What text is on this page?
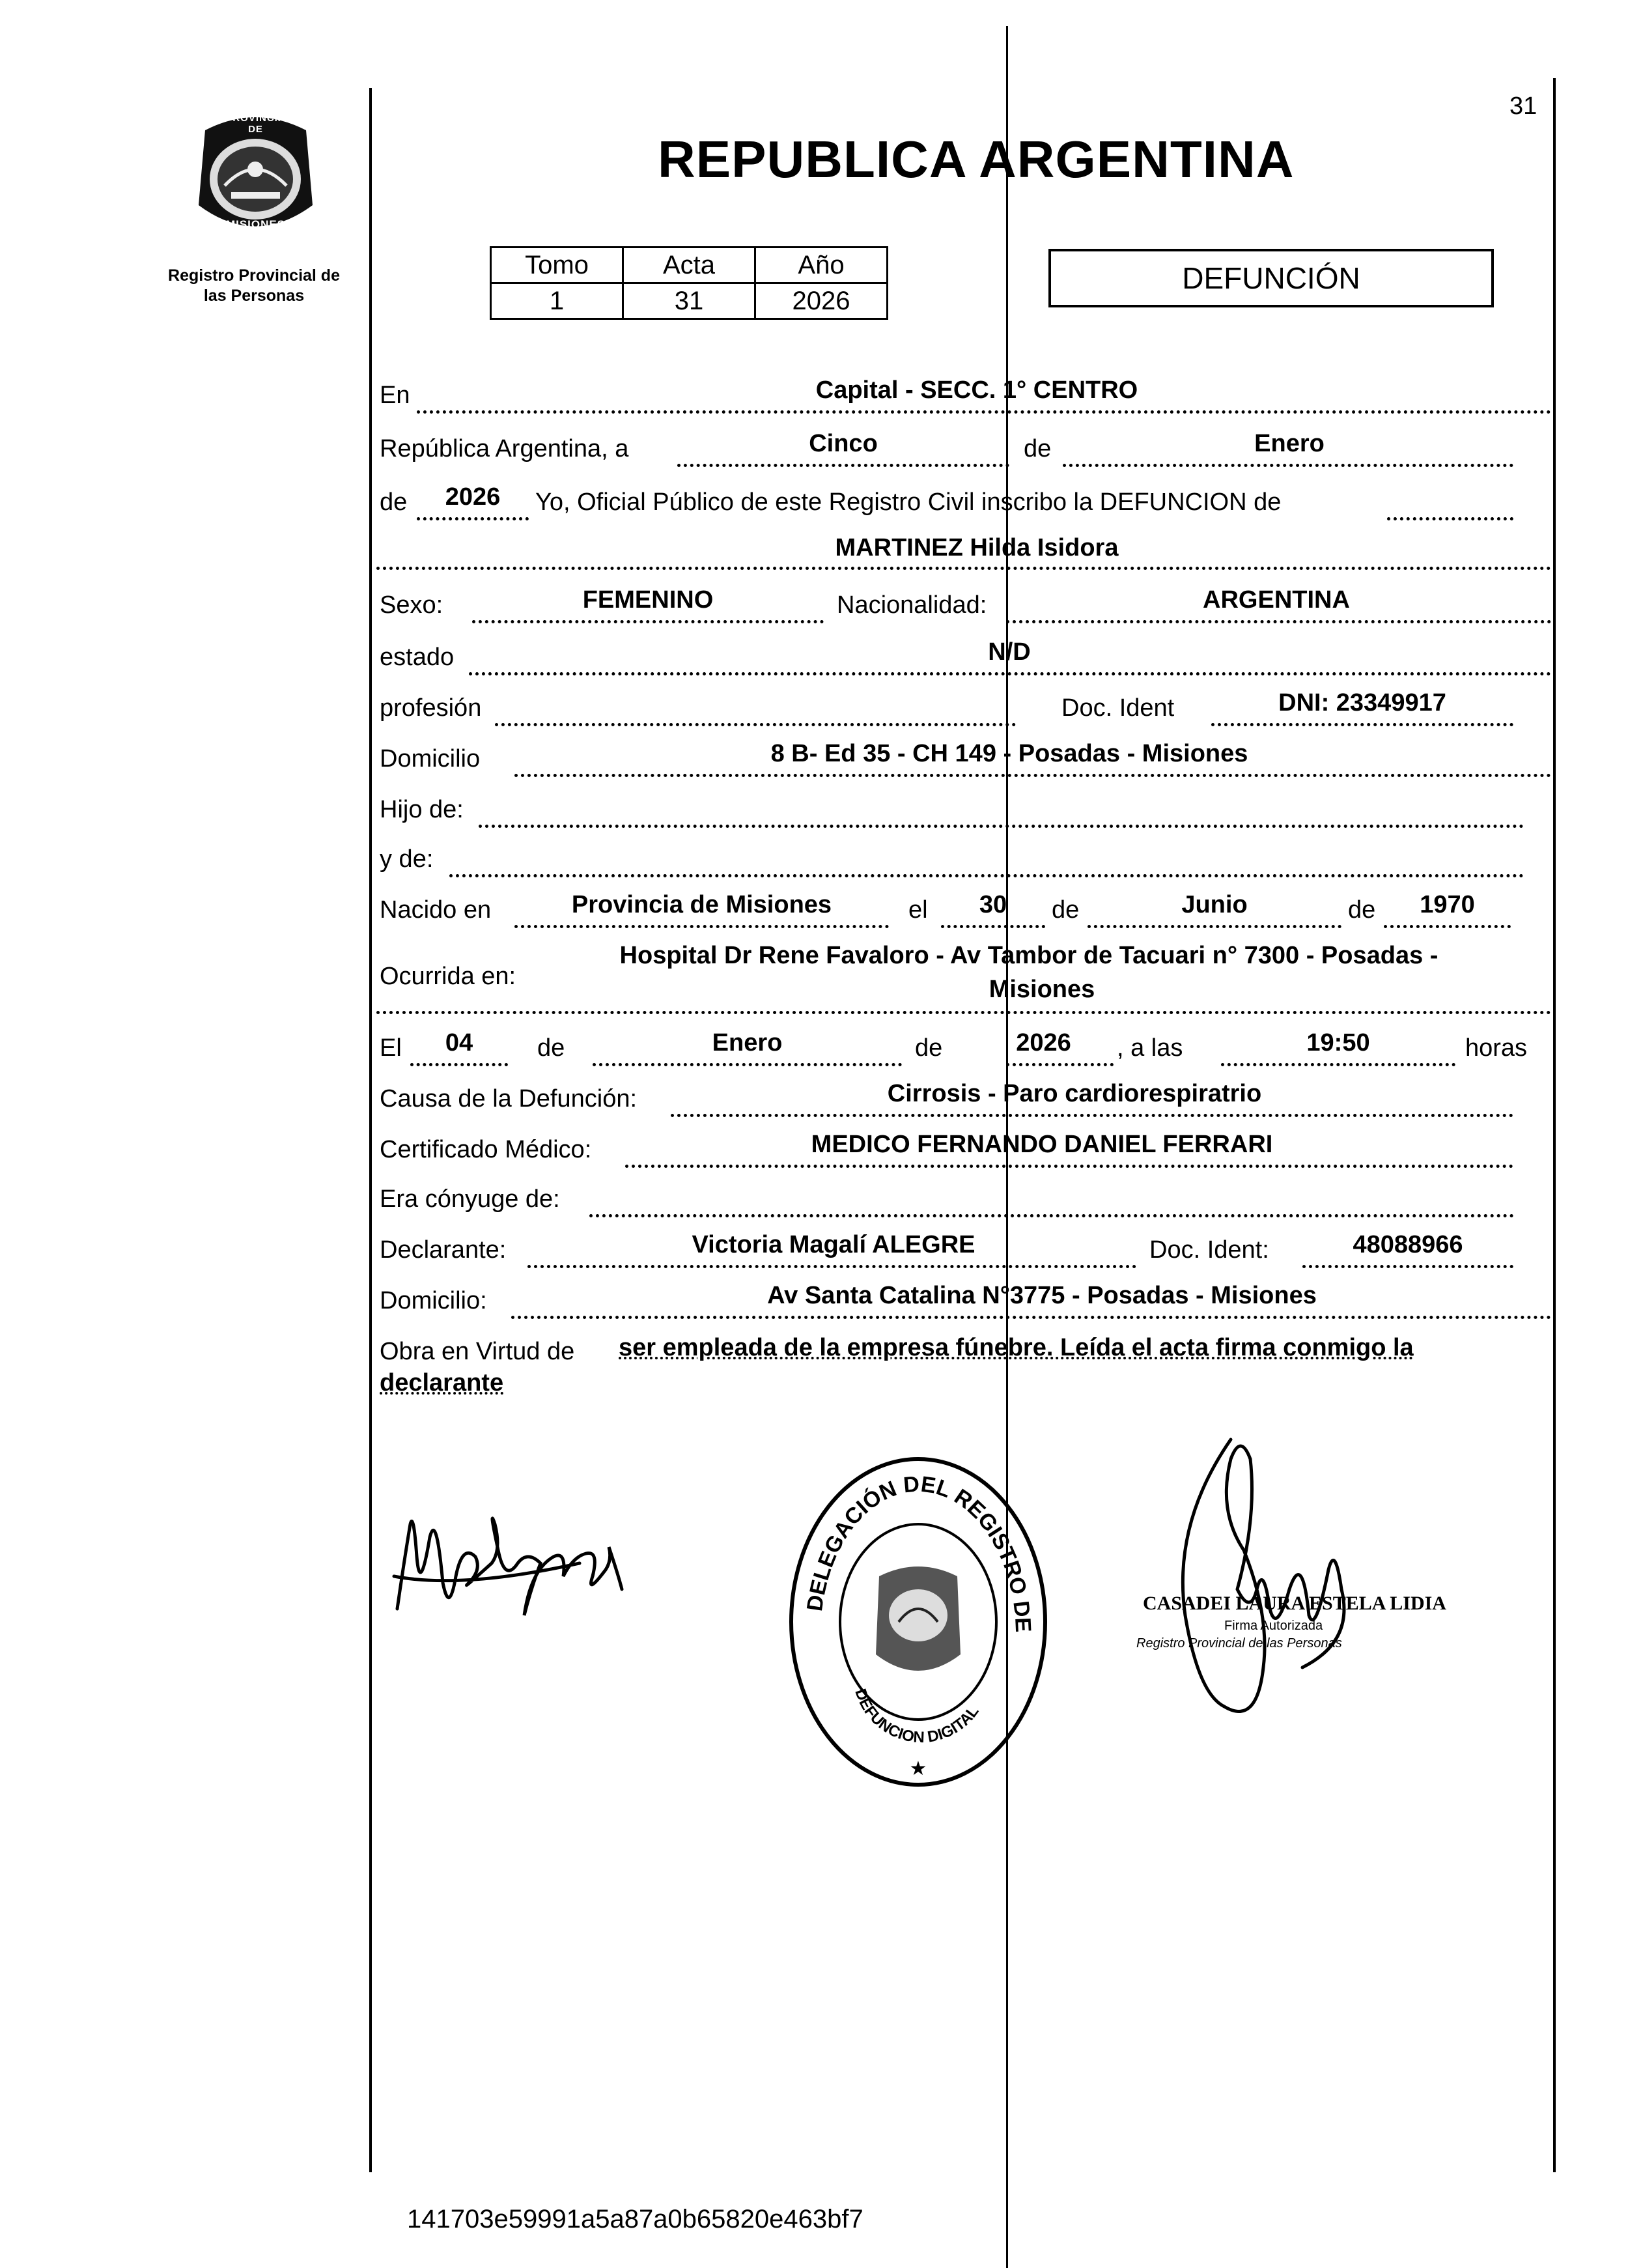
PROVINCIA DE
MISIONES
Registro Provincial de
las Personas
31
REPUBLICA ARGENTINA
Tomo	Acta	Año
1	31	2026
DEFUNCIÓN
En	Capital - SECC. 1° CENTRO
República Argentina, a	Cinco	de	Enero
de	2026	Yo, Oficial Público de este Registro Civil inscribo la DEFUNCION de
MARTINEZ Hilda Isidora
Sexo:	FEMENINO	Nacionalidad:	ARGENTINA
estado	N/D
profesión	Doc. Ident	DNI: 23349917
Domicilio	8 B- Ed 35 - CH 149 - Posadas - Misiones
Hijo de:
y de:
Nacido en	Provincia de Misiones	el	30	de	Junio	de	1970
Ocurrida en:
Hospital Dr Rene Favaloro - Av Tambor de Tacuari n° 7300 - Posadas -
Misiones
El	04	de	Enero	de	2026	, a las	19:50	horas
Causa de la Defunción:	Cirrosis - Paro cardiorespiratrio
Certificado Médico:	MEDICO FERNANDO DANIEL FERRARI
Era cónyuge de:
Declarante:	Victoria Magalí ALEGRE	Doc. Ident:	48088966
Domicilio:	Av Santa Catalina N°3775 - Posadas - Misiones
Obra en Virtud de ser empleada de la empresa fúnebre. Leída el acta firma conmigo la
declarante
DELEGACIÓN DEL REGISTRO DE
DEFUNCION DIGITAL
★
CASADEI LAURA ESTELA LIDIA
Firma Autorizada
Registro Provincial de las Personas
141703e59991a5a87a0b65820e463bf7
